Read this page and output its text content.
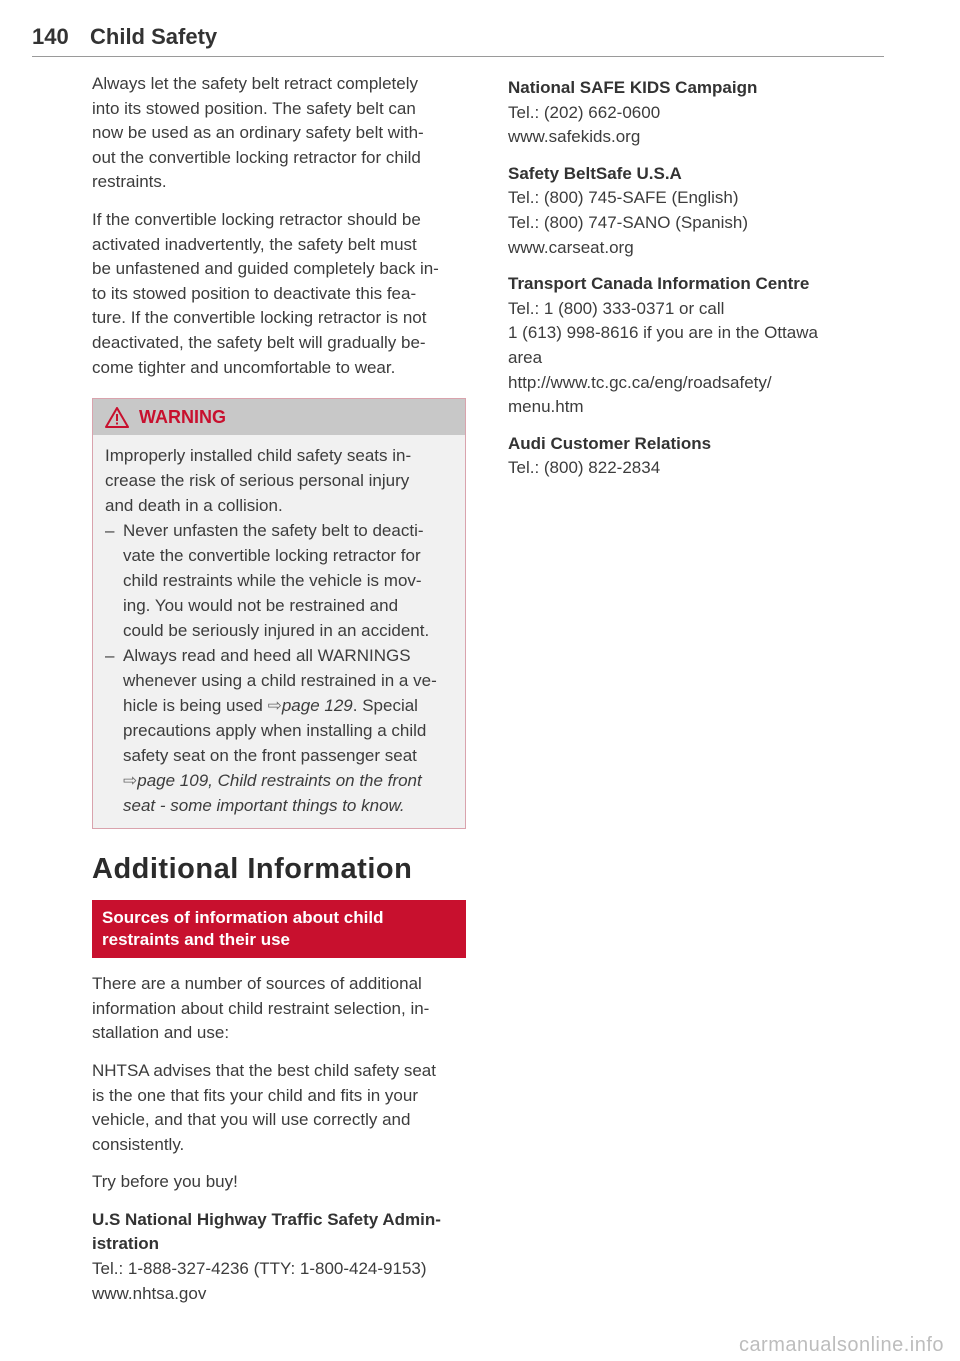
140 Child Safety

Always let the safety belt retract completely
into its stowed position. The safety belt can
now be used as an ordinary safety belt with-
out the convertible locking retractor for child
restraints.

If the convertible locking retractor should be
activated inadvertently, the safety belt must
be unfastened and guided completely back in-
to its stowed position to deactivate this fea-
ture. If the convertible locking retractor is not
deactivated, the safety belt will gradually be-
come tighter and uncomfortable to wear.

WARNING

Improperly installed child safety seats in-
crease the risk of serious personal injury
and death in a collision.

– Never unfasten the safety belt to deacti-
vate the convertible locking retractor for
child restraints while the vehicle is mov-
ing. You would not be restrained and
could be seriously injured in an accident.
– Always read and heed all WARNINGS
whenever using a child restrained in a ve-
hicle is being used ⇨page 129. Special
precautions apply when installing a child
safety seat on the front passenger seat
⇨page 109, Child restraints on the front
seat - some important things to know.
Additional Information
Sources of information about child
restraints and their use

There are a number of sources of additional
information about child restraint selection, in-
stallation and use:

NHTSA advises that the best child safety seat
is the one that fits your child and fits in your
vehicle, and that you will use correctly and
consistently.

Try before you buy!

U.S National Highway Traffic Safety Admin-
istration
Tel.: 1-888-327-4236 (TTY: 1-800-424-9153)
www.nhtsa.gov
National SAFE KIDS Campaign
Tel.: (202) 662-0600
www.safekids.org
Safety BeltSafe U.S.A
Tel.: (800) 745-SAFE (English)
Tel.: (800) 747-SANO (Spanish)
www.carseat.org
Transport Canada Information Centre
Tel.: 1 (800) 333-0371 or call
1 (613) 998-8616 if you are in the Ottawa
area
http://www.tc.gc.ca/eng/roadsafety/
menu.htm
Audi Customer Relations
Tel.: (800) 822-2834
carmanualsonline.info
